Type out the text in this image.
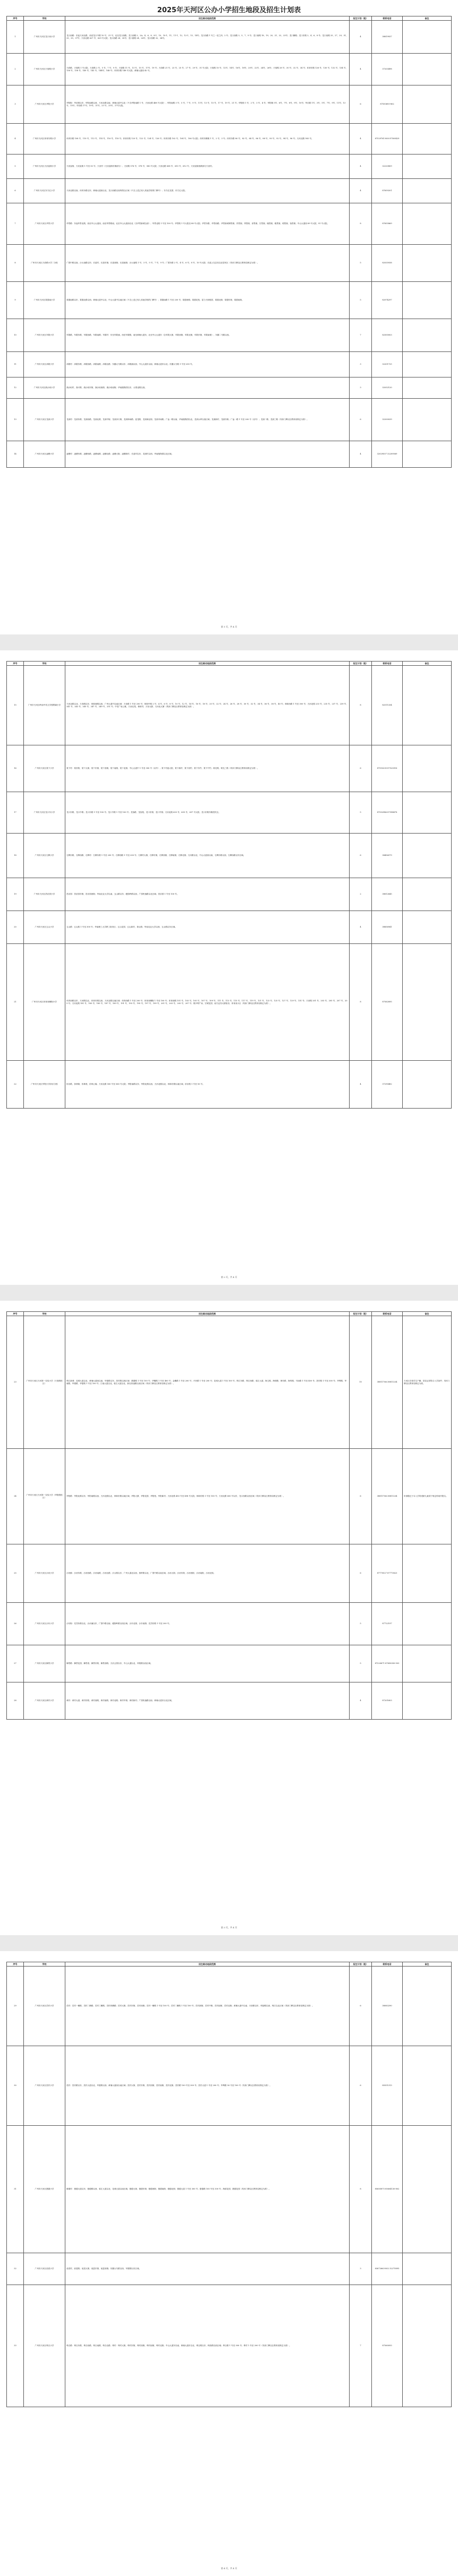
2025年天河区公办小学招生地段及招生计划表
序号	学校	招生路名地段范围	招生计划（班）	联系电话	备注
1	广州市天河区龙口西小学	龙口西路：东起天河北路，西至龙口中路 10 号、21 号，北至龙口西路、龙口西路 2、2A、4、6、8、8-1、10、10-1、11、11-1、12、12-1、13、14号；龙口西路 1 号之一至之四、2 号；龙口西路 3、5、7、9 号；龙口西路 18、19、20、21、22、23号；龙口横路；龙口东路 2、4、6、8 号；龙口西路 25、27、29、31、33、35、37号；天河北路 627 号、629 号大院；龙口西路 28、30号；龙口西路 24、26号；龙口西路 32、34号。	4	38819937	
2	广州市天河区天府路小学	天府路、天府路 1 号大院、天府路 2 号、5 号、7 号、9 号；天府路 11 号、13 号、15 号、17号、19 号；天府路 21 号、23 号、25 号、27 号、29 号、31 号大院；天府路 10 号、12号、14号、16号、18号、20号、22号、24号、26号；天府路 28 号、30 号、32 号、34 号；体育东路 128 号、130 号、132 号、134 号、136 号、138 号、140 号、142 号、144号、146 号；体育东路 148 号大院；黄埔大道西 42 号。	4	37203498	
3	广州市天河区华阳小学	华阳街：华乐路以东、华阳南路以西、天河北路以南、黄埔大道中以北（不含华阳南路 1 号、天河北路 468 号大院）；华阳南路 3 号、5 号、7 号、9 号、11号、13 号、15 号、17 号、19 号、21 号；华阳街 1 号、2 号、3 号、4 号；华阳街 5号、6号、7号、8号、9号、10号；华乐路 1号、3号、5号、7号、9号、11号、13号、15号；华乐路 17号、19号、21号、23 号、25号、27号大院。	6	87550693-802	
4	广州市天河区体育东路小学	体育东路 108 号、110 号、112 号、114 号、116 号、118 号；体育东路 120 号、122 号、124 号、126 号；体育东路 102 号、104 号、106 号大院；体育东横街 1 号、2 号、3 号；体育东路 80 号、82 号、84 号、86 号、88 号、90 号、92 号、94 号、96 号；天河北路 583 号。	4	87529761-800 87500429	
5	广州市天河区天河直街小学	天河直街、天河直街 1 号至 50 号；天河村（天河直街东侧部分）；天河路 576 号、578 号、580 号大院；天河北路 608 号、610 号、612 号；天河直街西侧部分天河村。	4	32220809	
6	广州市天河区东方红小学	天河北路以南、体育东路以东、黄埔大道西以北、龙口西路以西所围合区域（不含上述已划入其他学校的门牌号）；东方红花园、东方红大院。	4	87659201	
7	广州市天河区华景小学	华景路：东起华景北路，西至中山大道西，南至华景路南，北至中山大道西以北（含华景新城全部）；华景北路 1 号至 100 号；华景路 1 号大院至 88 号大院；华景东路、华景西路；华景新城翠景阁、祥景阁、秀景阁、泽景阁、宏景阁、晓景阁、雅景阁、明景阁、怡景阁；中山大道西 89 号大院、91 号大院。	8	87655869	
8	广州市天河区天府路小学二分校	广园中路以南、沙太南路以东；长湴村、长湴东街；长湴西街；长湴南街；沙太南路 1 号、3 号、5 号、7 号、9 号；广园东路 2 号、4 号、6 号、8 号、10 号大院；长湴公交总站以北居民区（具体门牌以区教育局核定为准）。	5	82035938	
9	广州市天河区棠德南小学	棠德南路以东、棠德北路以西、黄埔大道中以北、中山大道中以南区域（不含上述已划入其他学校的门牌号）；棠德南路 1 号至 200 号；棠德西路；棠德花苑、富力天朗明居、棠德北街、棠德东街、棠德南街。	5	82074297	
10	广州市天河区车陂小学	车陂路、车陂东路、车陂西路、车陂南路；车陂村：东至车陂涌，西至车陂路，南至黄埔大道东，北至中山大道东（含车陂大街、车陂西街、车陂北街、车陂东街、车陂南街）；东圃二马路以西。	7	82500003	
11	广州市天河区沐陂小学	沐陂村：沐陂东路、沐陂西路、沐陂南路、沐陂北路；东圃大马路以东、沐陂涌以西、中山大道东以南、黄埔大道东以北；东圃大马路 1 号至 200 号。	3	32201725	
12	广州市天河区渔沙坦小学	渔沙坦村、渔兴路、渔沙坦东街、渔沙坦西街、渔沙坦南街；华南植物园以东、大观北路以西。	3	32032120	
13	广州市天河区龙洞小学	龙洞村：龙洞东路、龙洞西路、龙洞北路、龙洞中街；龙洞步行街、龙洞林场路；迎龙路、龙洞商业街、龙洞市场路；广汕一路以南、华南植物园以北、龙洞水库以西区域；龙洞新村、龙洞东街；广汕一路 1 号至 200 号（双号）；龙洞二路、龙洞三路（具体门牌以区教育局核定为准）。	6	32200039	
14	广州市天河区凌塘小学	凌塘村：凌塘东路、凌塘西路、凌塘南路、凌塘北路；凌塘大街、凌塘新村；长湴村以东、龙洞村以西、华南植物园以北区域。	4	32029507 32209569	
第 1 页，共 4 页
序号	学校	招生路名地段范围	招生计划（班）	联系电话	备注
15	广州市天河区岭南中英文学校附属小学	天河北路以北、天寿路以东、林和西路以西、广州大道中以南区域：天寿路 1 号至 200 号；林和中路 2 号、4 号、6 号、8 号、10 号、12 号、14 号、16 号、18 号、20 号、22 号、24 号、26 号、28 号、30 号、32 号、34 号、36 号、38 号、40 号；林和西路 1 号至 300 号；天河北路 233 号、235 号、237 号、239 号、241 号、243 号、245 号、247 号、249 号、251 号；中信广场公寓、天河北苑、林和村；天寿大厦、天河北大厦（具体门牌以区教育局核定为准）。	8	82511334	
16	广州市天河区棠下小学	棠下村：棠东路、棠下大街、棠下东街、棠下西街、棠下南街、棠下北街；中山大道中 1 号至 300 号（双号）；棠下村委大院、棠下新村、棠下西约、棠下东约、棠下中约；荷光路、荷光三路（具体门牌以区教育局核定为准）。	6	87553230 87523016	
17	广州市天河区龙口东小学	龙口东路、龙口中路；龙口东路 1 号至 100 号；龙口中路 1 号至 100 号；龙怡路、龙怡苑、龙口东街、龙口中街；天河北路 633 号、635 号、637 号大院；龙口东路东侧居民区。	5	87552946 87598478	
18	广州市天河区石牌小学	石牌东路、石牌西路、石牌村：石牌东路 1 号至 200 号；石牌西路 1 号至 200 号；石牌村大街、石牌东街、石牌西街、石牌南街、石牌北街；天河路以北、中山大道西以南、石牌东路以西、石牌西路以东区域。	6	38456079	
19	广州市天河区昌乐园小学	昌乐园：昌乐园东街、昌乐园西街；华南农业大学以南、五山路以东、瘦狗岭路以西、广园快速路以北区域；昌乐园 1 号至 100 号。	2	38812645	
20	广州市天河区五山小学	五山路：五山路 1 号至 300 号；华南理工大学教工宿舍区；五山花园、五山新村、茶山路；华南农业大学以西、五山路以东区域。	4	38856941	
21	广州市天河区体育西横街小学	体育西路以东、天河路以北、体育东路以西、天河北路以南区域：体育西路 1 号至 200 号；体育西横街 1 号至 100 号；体育西路 101 号、103 号、105 号、107 号、109 号、111 号、113 号、115 号、117 号、119 号、121 号、123 号、125 号、127 号、129 号、131 号；天河路 201 号、203 号、205 号、207 号、209 号；天河北路 181 号、183 号、185 号、187 号、189 号、191 号、193 号、195 号、197 号、199 号、201 号、203 号、205 号、207 号；维多利广场、宏城花园、南方证券大厦宿舍、体育西小区（具体门牌以区教育局核定为准）。	8	87562895	
22	广州市天河区华阳小学侨乐分校	侨乐路、侨林街、侨林苑、侨林公寓；天河北路 500 号至 560 号大院；华阳南路以东、华阳北路以西、天河北路以北、林和东路以南区域；侨乐路 1 号至 50 号。	4	37290482	
第 2 页，共 4 页
序号	学校	招生路名地段范围	招生计划（班）	联系电话	备注
23	广州市天河区天河第一实验小学（天府路校区）	珠江新城：花城大道以北、黄埔大道西以南、华夏路以东、冼村路以西区域：猎德路 1 号至 100 号；华穗路 1 号至 400 号；金穗路 1 号至 200 号；兴民路 1 号至 200 号；花城大道 1 号至 100 号；珠江东路、珠江西路、临江大道；海文路、海明路、海安路、海风路；马场路 1 号至 400 号；冼村路 1 号至 300 号；华利路、华就路、华强路、华夏路 1 号至 100 号；江南大道以北、临江大道以北、新光快速路以西区域（具体门牌以区教育局核定为准）。	10	38811766 38811234	天河区在校学生户籍、居住证须符合入学条件；具体门牌以区教育局核定为准。
24	广州市天河区天河第一实验小学（华阳路校区）	华阳路：华阳北路以东、华阳南路以西、天河北路以北、林和东路以南区域；华阳大厦、华阳花园、华阳苑、华阳新村；天河北路 450 号至 498 号大院；林和东路 1 号至 100 号；天河北路 600 号以东、龙口西路以西区域（具体门牌以区教育局核定为准）。	6	38811766 38811234	申请随迁子女入学的适龄儿童须于规定时间内报名。
25	广州市天河区沙河小学	沙河镇：沙河东路、沙河西路、沙河南路、沙河北路；沙太路以东、广州大道北以西、燕岭路以北、广园中路以南区域；沙河大街、沙河东街、沙河西街、沙河南街、沙河北街。	6	87770527 87773823	
26	广州市天河区沙东小学	沙东街：先烈东路以北、沙河涌以东、广园中路以南、瘦狗岭路以西区域；沙东北街、沙东南街；先烈东路 1 号至 200 号。	5	87722197	
27	广州市天河区御景小学	御景路：御景花园、御景湾、御景东路、御景西路；天河公园以东、中山大道以北、车陂路以西区域。	5	87220671 87650050-503	
28	广州市天河区黄村小学	黄村：黄村大道、黄村东路、黄村西路、黄村南路、黄村北路；黄村中街、黄村新村；广园快速路以南、黄埔大道东以北区域。	4	87201603	
第 3 页，共 4 页
序号	学校	招生路名地段范围	招生计划（班）	联系电话	备注
29	广州市天河区员村小学	员村：员村一横路、员村二横路、员村三横路、员村四横路；员村大街、员村东街、员村西街；员村一横路 1 号至 100 号；员村二横路 1 号至 100 号；员村新街、员村中街、员村南街、员村北街；黄埔大道中以南、天府路以东、科韵路以西、珠江以北区域（具体门牌以区教育局核定为准）。	6	38083290	
30	广州市天河区冼村小学	冼村：冼村路以东、冼村大道以北、华夏路以西、黄埔大道西以南区域；冼村大街、冼村东街、冼村西街、冼村南街、冼村北街；冼村路 100 号至 300 号；冼村大道 1 号至 200 号；华利路 50 号至 100 号（具体门牌以区教育局核定为准）。	6	85551313	
31	广州市天河区猎德小学	猎德村：猎德大道以东、猎德路以西、临江大道以北、花城大道以南区域；猎德大街、猎德东街、猎德西街、猎德南街、猎德北街；猎德大道 1 号至 300 号；猎德路 100 号至 300 号；海滨花园、猎德花园（具体门牌以区教育局核定为准）。	8	85605875 85604130-802	
32	广州市天河区前进小学	前进村、前进路；前进大街、前进东街、前进西街；东圃大马路以西、车陂路以东区域。	3	83672663-802 32275895	
33	广州市天河区珠吉小学	珠吉路：珠吉东路、珠吉西路、珠吉南路、珠吉北路；珠村：珠村大街、珠村东街、珠村西街、珠村南街、珠村北街；中山大道东以南、黄埔大道东以北、珠吉路以东、科韵路以西区域；珠吉路 1 号至 300 号；珠村 1 号至 200 号（具体门牌以区教育局核定为准）。	7	87560093	
第 4 页，共 4 页
